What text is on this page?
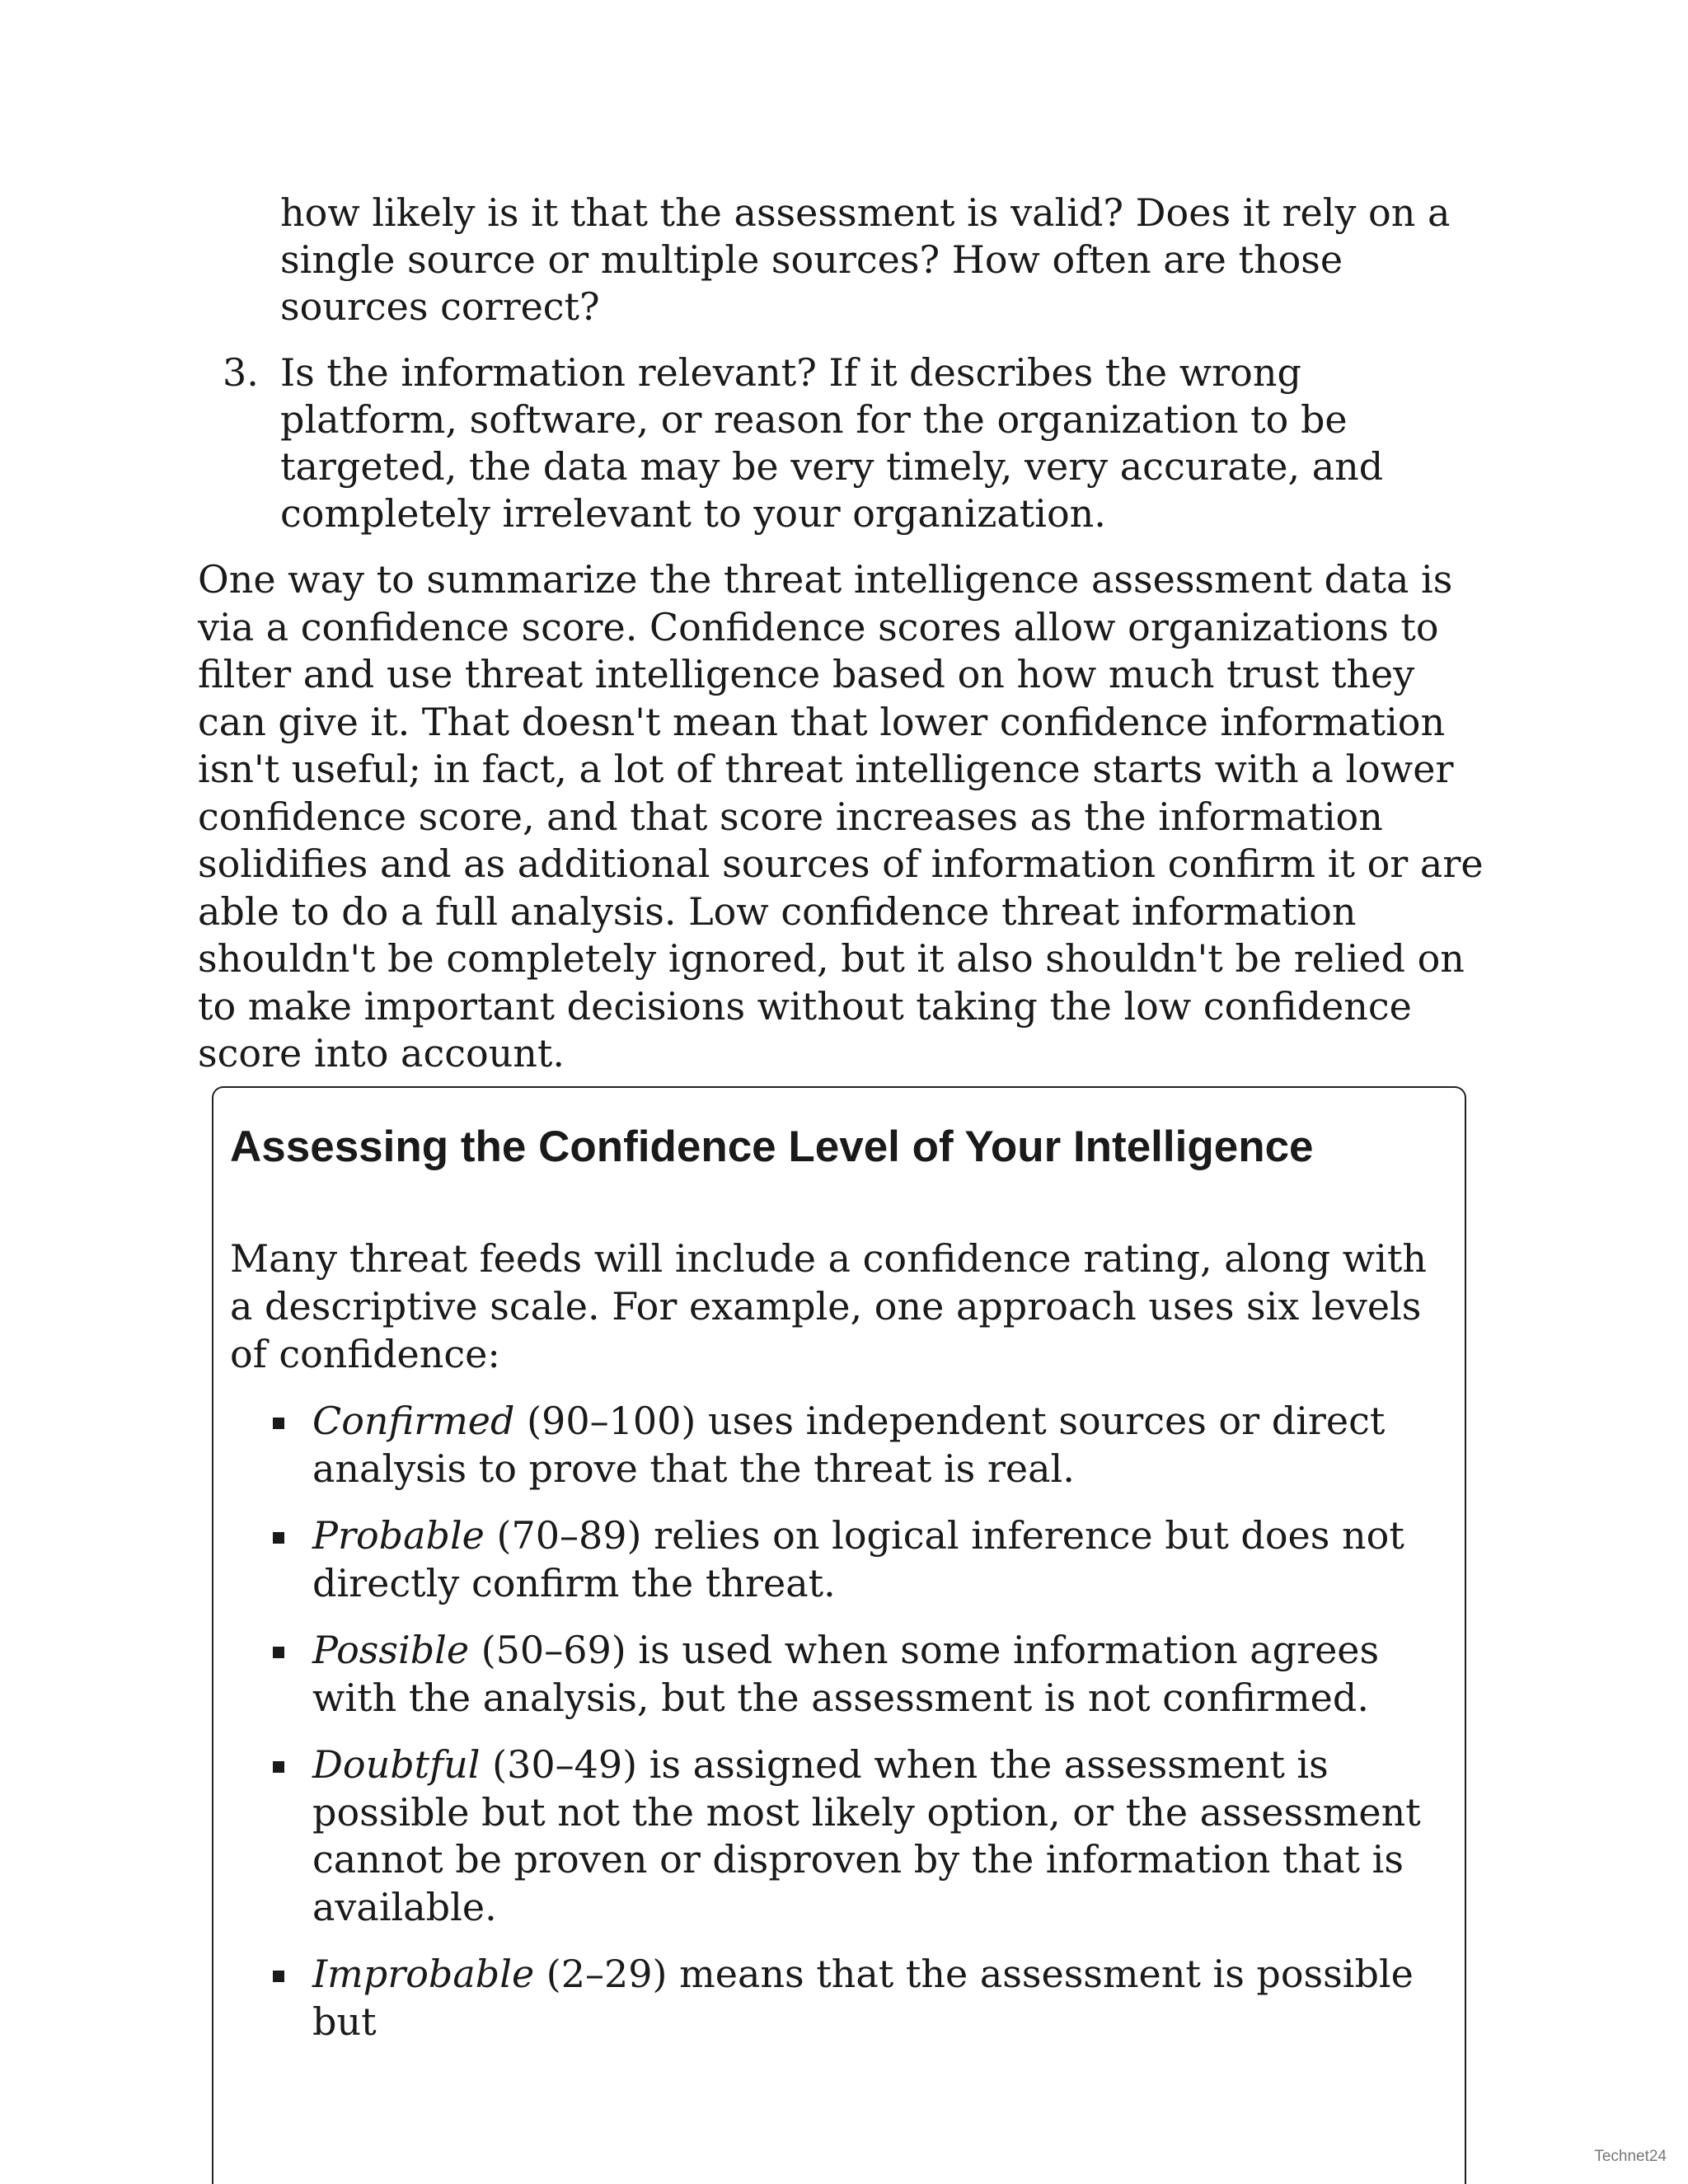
how likely is it that the assessment is valid? Does it rely on a single source or multiple sources? How often are those sources correct?

3. Is the information relevant? If it describes the wrong platform, software, or reason for the organization to be targeted, the data may be very timely, very accurate, and completely irrelevant to your organization.

One way to summarize the threat intelligence assessment data is via a confidence score. Confidence scores allow organizations to filter and use threat intelligence based on how much trust they can give it. That doesn't mean that lower confidence information isn't useful; in fact, a lot of threat intelligence starts with a lower confidence score, and that score increases as the information solidifies and as additional sources of information confirm it or are able to do a full analysis. Low confidence threat information shouldn't be completely ignored, but it also shouldn't be relied on to make important decisions without taking the low confidence score into account.

Assessing the Confidence Level of Your Intelligence

Many threat feeds will include a confidence rating, along with a descriptive scale. For example, one approach uses six levels of confidence:

Confirmed (90–100) uses independent sources or direct analysis to prove that the threat is real.
Probable (70–89) relies on logical inference but does not directly confirm the threat.
Possible (50–69) is used when some information agrees with the analysis, but the assessment is not confirmed.
Doubtful (30–49) is assigned when the assessment is possible but not the most likely option, or the assessment cannot be proven or disproven by the information that is available.
Improbable (2–29) means that the assessment is possible but
Technet24
